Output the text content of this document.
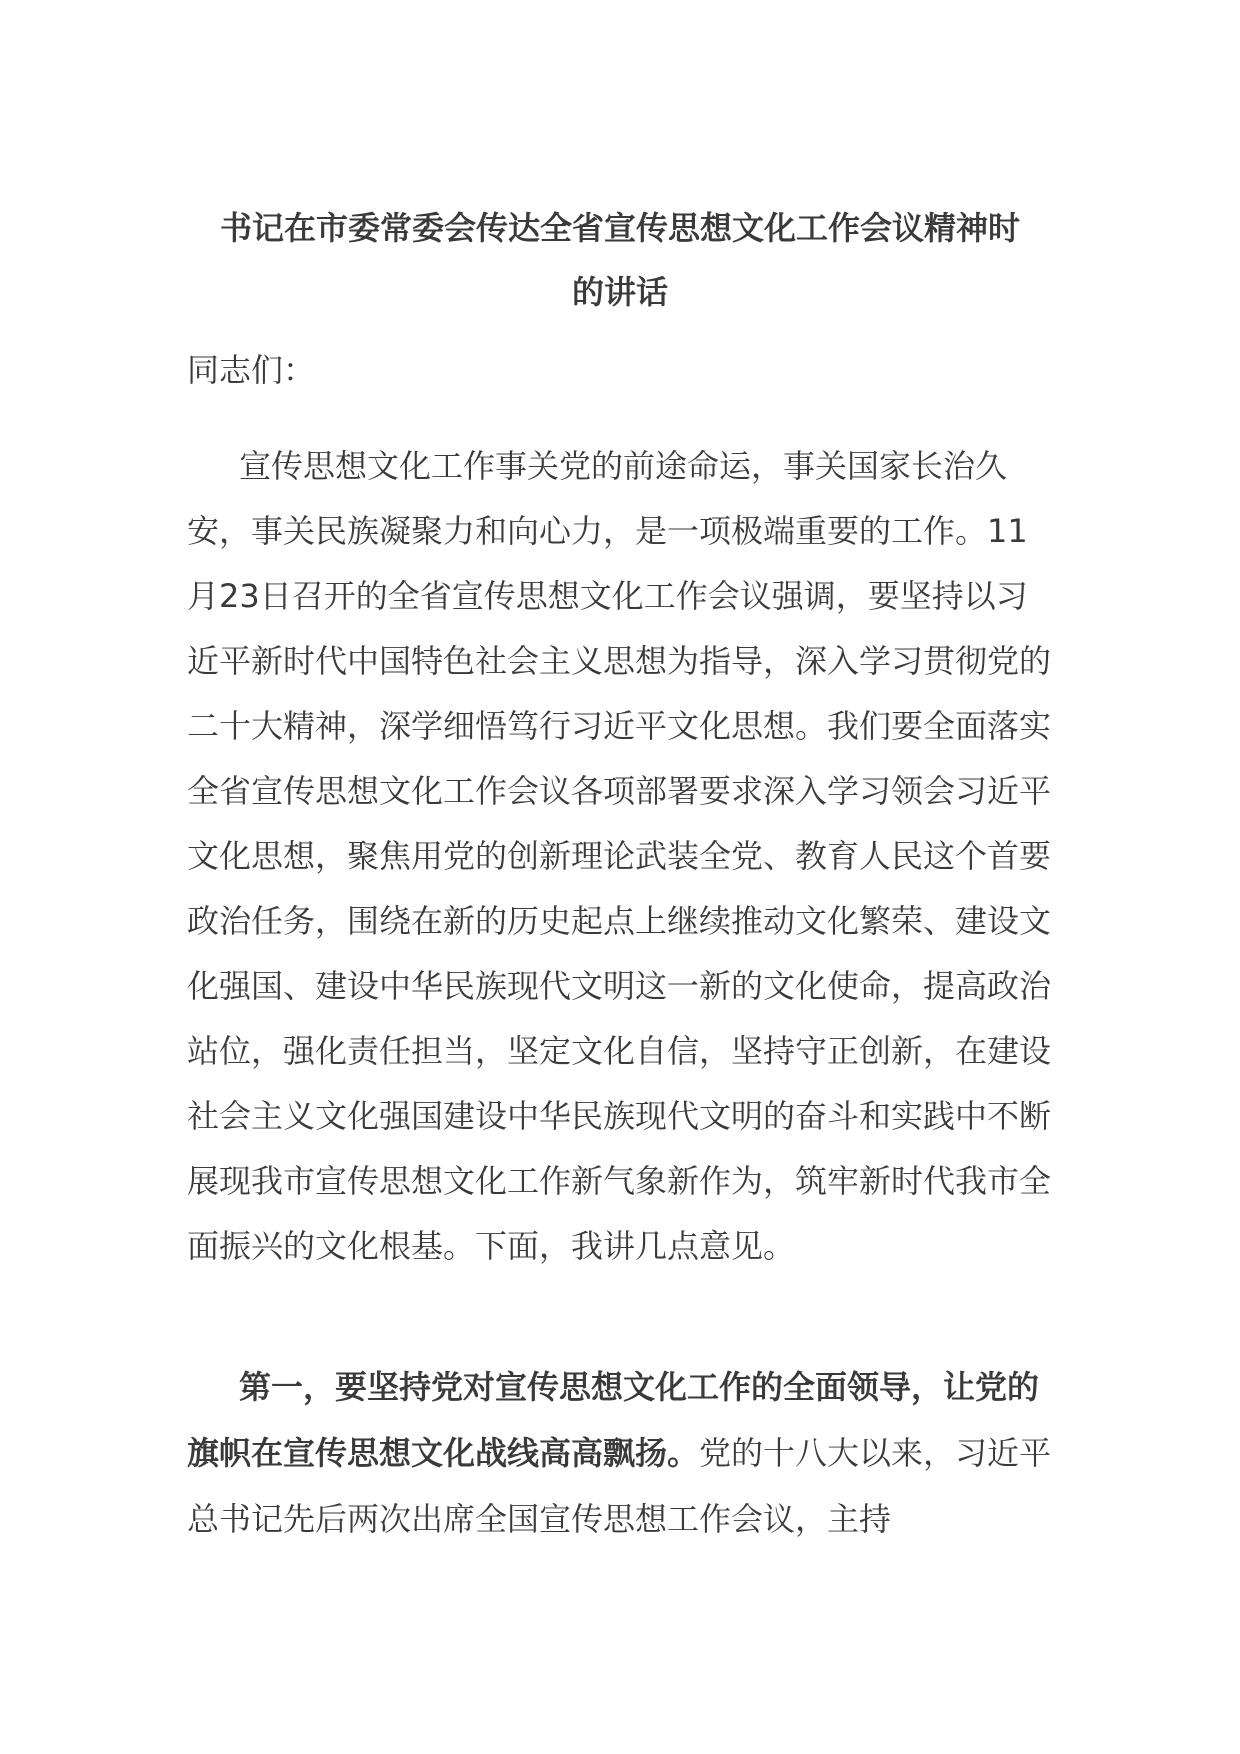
书记在市委常委会传达全省宣传思想文化工作会议精神时
的讲话

同志们：

宣传思想文化工作事关党的前途命运，事关国家长治久安，事关民族凝聚力和向心力，是一项极端重要的工作。11月23日召开的全省宣传思想文化工作会议强调，要坚持以习近平新时代中国特色社会主义思想为指导，深入学习贯彻党的二十大精神，深学细悟笃行习近平文化思想。我们要全面落实全省宣传思想文化工作会议各项部署要求深入学习领会习近平文化思想，聚焦用党的创新理论武装全党、教育人民这个首要政治任务，围绕在新的历史起点上继续推动文化繁荣、建设文化强国、建设中华民族现代文明这一新的文化使命，提高政治站位，强化责任担当，坚定文化自信，坚持守正创新，在建设社会主义文化强国建设中华民族现代文明的奋斗和实践中不断展现我市宣传思想文化工作新气象新作为，筑牢新时代我市全面振兴的文化根基。下面，我讲几点意见。

第一，要坚持党对宣传思想文化工作的全面领导，让党的旗帜在宣传思想文化战线高高飘扬。党的十八大以来，习近平总书记先后两次出席全国宣传思想工作会议，主持
